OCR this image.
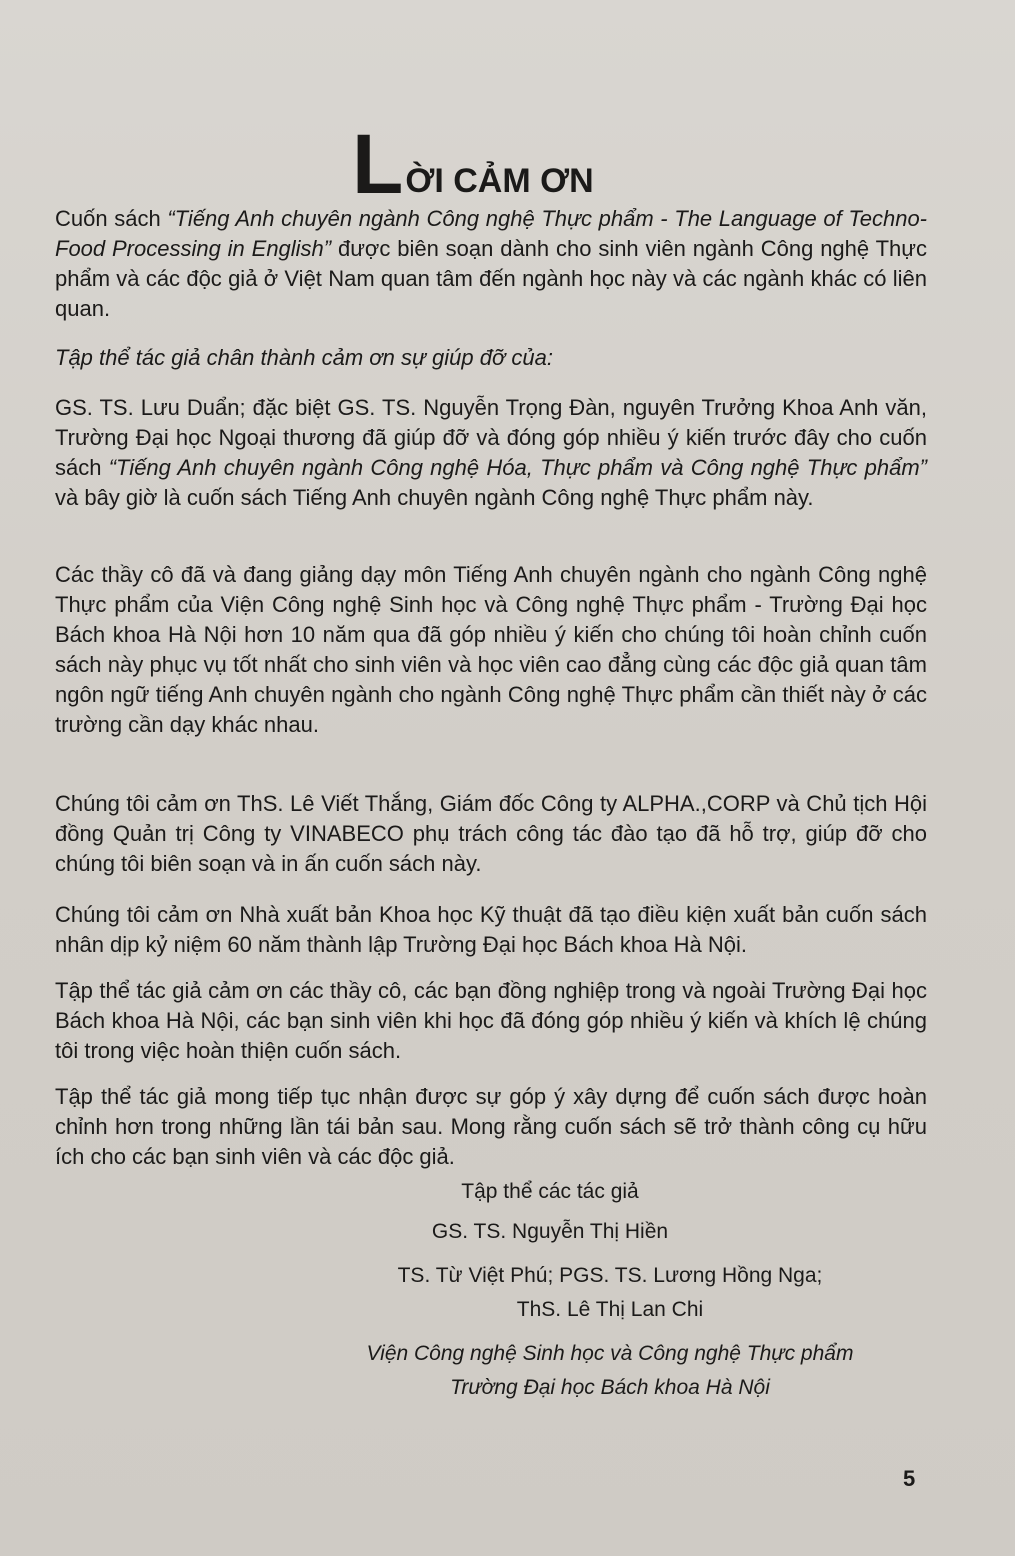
L ỜI CẢM ƠN
Cuốn sách “Tiếng Anh chuyên ngành Công nghệ Thực phẩm - The Language of Techno-Food Processing in English” được biên soạn dành cho sinh viên ngành Công nghệ Thực phẩm và các độc giả ở Việt Nam quan tâm đến ngành học này và các ngành khác có liên quan.
Tập thể tác giả chân thành cảm ơn sự giúp đỡ của:
GS. TS. Lưu Duẩn; đặc biệt GS. TS. Nguyễn Trọng Đàn, nguyên Trưởng Khoa Anh văn, Trường Đại học Ngoại thương đã giúp đỡ và đóng góp nhiều ý kiến trước đây cho cuốn sách “Tiếng Anh chuyên ngành Công nghệ Hóa, Thực phẩm và Công nghệ Thực phẩm” và bây giờ là cuốn sách Tiếng Anh chuyên ngành Công nghệ Thực phẩm này.
Các thầy cô đã và đang giảng dạy môn Tiếng Anh chuyên ngành cho ngành Công nghệ Thực phẩm của Viện Công nghệ Sinh học và Công nghệ Thực phẩm - Trường Đại học Bách khoa Hà Nội hơn 10 năm qua đã góp nhiều ý kiến cho chúng tôi hoàn chỉnh cuốn sách này phục vụ tốt nhất cho sinh viên và học viên cao đẳng cùng các độc giả quan tâm ngôn ngữ tiếng Anh chuyên ngành cho ngành Công nghệ Thực phẩm cần thiết này ở các trường cần dạy khác nhau.
Chúng tôi cảm ơn ThS. Lê Viết Thắng, Giám đốc Công ty ALPHA.,CORP và Chủ tịch Hội đồng Quản trị Công ty VINABECO phụ trách công tác đào tạo đã hỗ trợ, giúp đỡ cho chúng tôi biên soạn và in ấn cuốn sách này.
Chúng tôi cảm ơn Nhà xuất bản Khoa học Kỹ thuật đã tạo điều kiện xuất bản cuốn sách nhân dịp kỷ niệm 60 năm thành lập Trường Đại học Bách khoa Hà Nội.
Tập thể tác giả cảm ơn các thầy cô, các bạn đồng nghiệp trong và ngoài Trường Đại học Bách khoa Hà Nội, các bạn sinh viên khi học đã đóng góp nhiều ý kiến và khích lệ chúng tôi trong việc hoàn thiện cuốn sách.
Tập thể tác giả mong tiếp tục nhận được sự góp ý xây dựng để cuốn sách được hoàn chỉnh hơn trong những lần tái bản sau. Mong rằng cuốn sách sẽ trở thành công cụ hữu ích cho các bạn sinh viên và các độc giả.
Tập thể các tác giả
GS. TS. Nguyễn Thị Hiền
TS. Từ Việt Phú; PGS. TS. Lương Hồng Nga;
ThS. Lê Thị Lan Chi
Viện Công nghệ Sinh học và Công nghệ Thực phẩm
Trường Đại học Bách khoa Hà Nội
5
